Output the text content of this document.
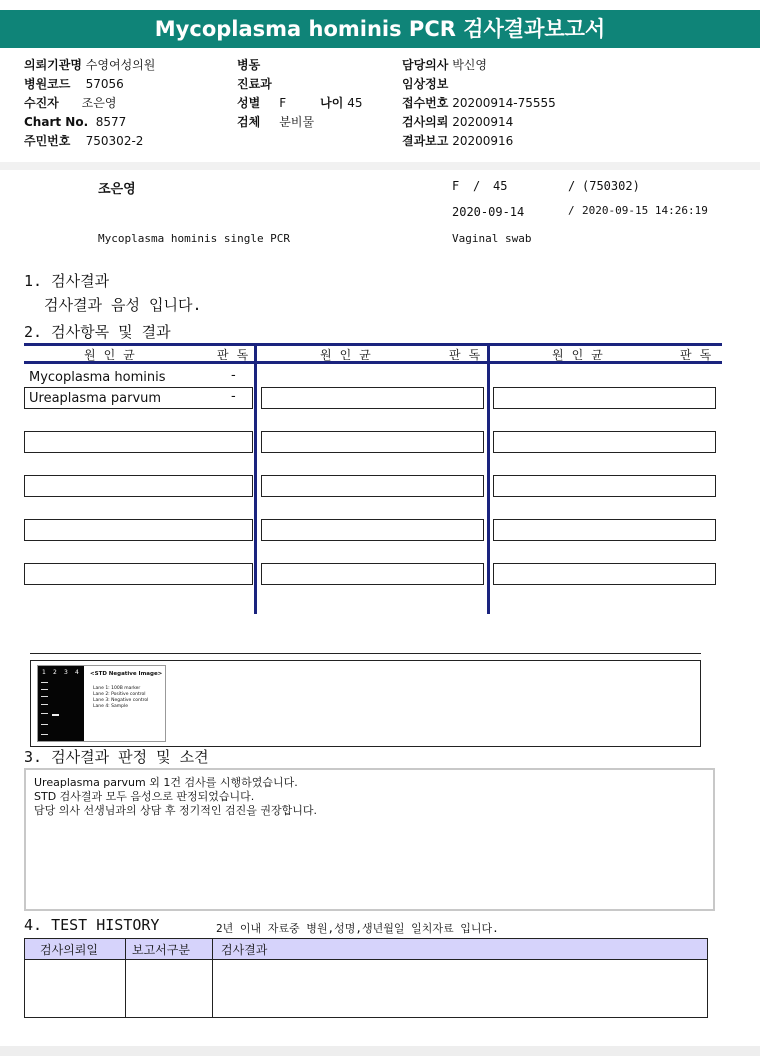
Mycoplasma hominis PCR 검사결과보고서
의뢰기관명 수영여성의원
병원코드 57056
수진자 조은영
Chart No. 8577
주민번호 750302-2
병동
진료과
성별 F	나이 45
검체 분비물
담당의사 박신영
임상정보
접수번호 20200914-75555
검사의뢰 20200914
결과보고 20200916
조은영	F / 45	/ (750302)
2020-09-14	/ 2020-09-15 14:26:19
Mycoplasma hominis single PCR	Vaginal swab
1. 검사결과
검사결과 음성 입니다.
2. 검사항목 및 결과
원인균	판독	원인균	판독	원인균	판독
Mycoplasma hominis	-
Ureaplasma parvum	-
1 2 3 4 <STD Negative Image>
Lane 1: 100B marker
Lane 2: Positive control
Lane 3: Negative control
Lane 4: Sample
3. 검사결과 판정 및 소견
Ureaplasma parvum 외 1건 검사를 시행하였습니다.
STD 검사결과 모두 음성으로 판정되었습니다.
담당 의사 선생님과의 상담 후 정기적인 검진을 권장합니다.
4. TEST HISTORY	2년 이내 자료중 병원,성명,생년월일 일치자료 입니다.
검사의뢰일	보고서구분	검사결과
